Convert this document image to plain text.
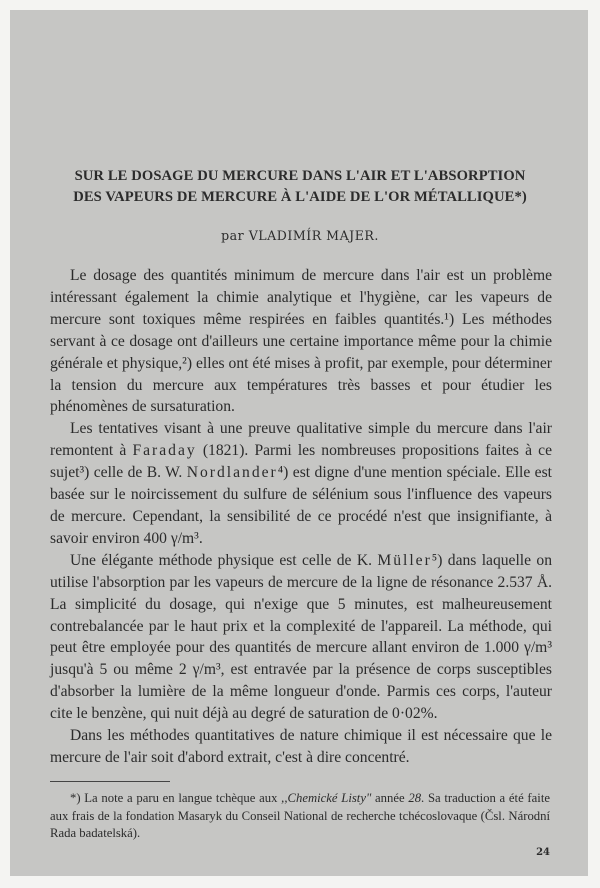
SUR LE DOSAGE DU MERCURE DANS L'AIR ET L'ABSORPTION
DES VAPEURS DE MERCURE À L'AIDE DE L'OR MÉTALLIQUE*)
par VLADIMÍR MAJER.

Le dosage des quantités minimum de mercure dans l'air est un problème intéressant également la chimie analytique et l'hygiène, car les vapeurs de mercure sont toxiques même respirées en faibles quantités.¹) Les méthodes servant à ce dosage ont d'ailleurs une certaine importance même pour la chimie générale et physique,²) elles ont été mises à profit, par exemple, pour déterminer la tension du mercure aux températures très basses et pour étudier les phénomènes de sursaturation.

Les tentatives visant à une preuve qualitative simple du mercure dans l'air remontent à Faraday (1821). Parmi les nombreuses propositions faites à ce sujet³) celle de B. W. Nordlander⁴) est digne d'une mention spéciale. Elle est basée sur le noircissement du sulfure de sélénium sous l'influence des vapeurs de mercure. Cependant, la sensibilité de ce procédé n'est que insignifiante, à savoir environ 400 γ/m³.

Une élégante méthode physique est celle de K. Müller⁵) dans laquelle on utilise l'absorption par les vapeurs de mercure de la ligne de résonance 2.537 Å. La simplicité du dosage, qui n'exige que 5 minutes, est malheureusement contrebalancée par le haut prix et la complexité de l'appareil. La méthode, qui peut être employée pour des quantités de mercure allant environ de 1.000 γ/m³ jusqu'à 5 ou même 2 γ/m³, est entravée par la présence de corps susceptibles d'absorber la lumière de la même longueur d'onde. Parmis ces corps, l'auteur cite le benzène, qui nuit déjà au degré de saturation de 0·02%.

Dans les méthodes quantitatives de nature chimique il est nécessaire que le mercure de l'air soit d'abord extrait, c'est à dire concentré.

*) La note a paru en langue tchèque aux ,,Chemické Listy" année 28. Sa traduction a été faite aux frais de la fondation Masaryk du Conseil National de recherche tchécoslovaque (Čsl. Národní Rada badatelská).

24
